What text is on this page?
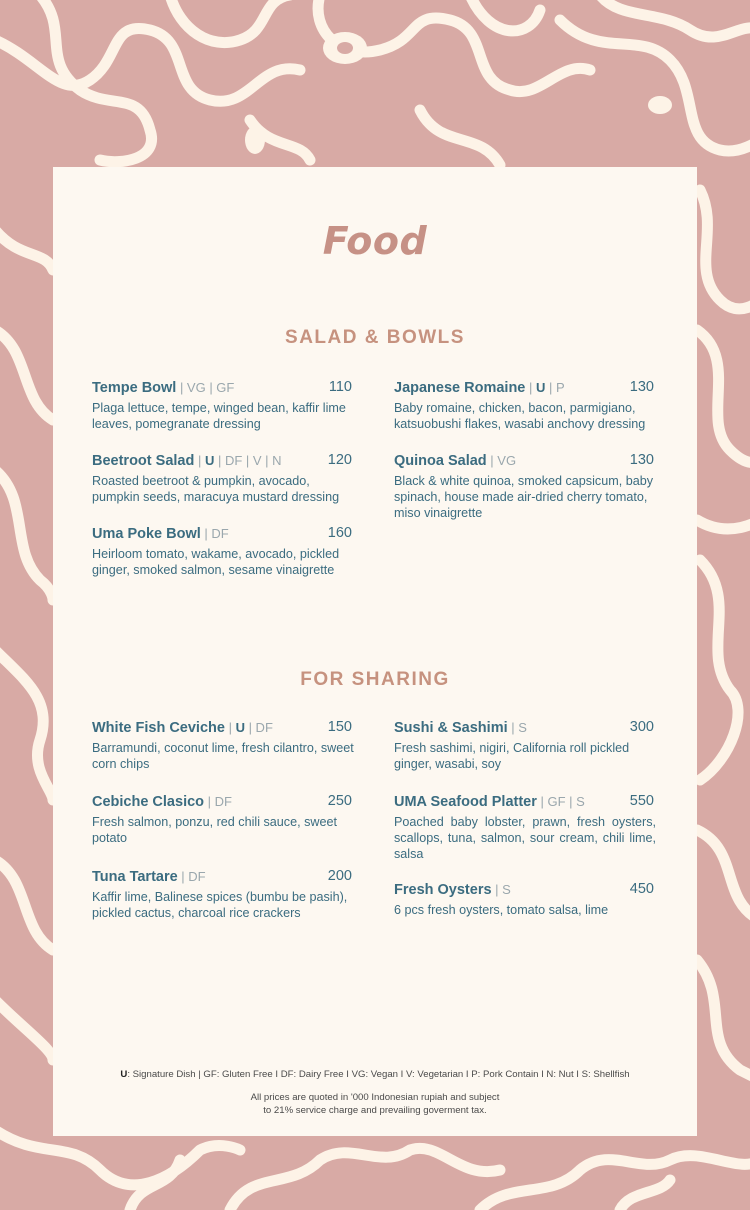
Food
SALAD & BOWLS
Tempe Bowl | VG | GF	110
Plaga lettuce, tempe, winged bean, kaffir lime leaves, pomegranate dressing
Japanese Romaine | U | P	130
Baby romaine, chicken, bacon, parmigiano, katsuobushi flakes, wasabi anchovy dressing
Beetroot Salad | U | DF | V | N	120
Roasted beetroot & pumpkin, avocado, pumpkin seeds, maracuya mustard dressing
Quinoa Salad | VG	130
Black & white quinoa, smoked capsicum, baby spinach, house made air-dried cherry tomato, miso vinaigrette
Uma Poke Bowl | DF	160
Heirloom tomato, wakame, avocado, pickled ginger, smoked salmon, sesame vinaigrette
FOR SHARING
White Fish Ceviche | U | DF	150
Barramundi, coconut lime, fresh cilantro, sweet corn chips
Sushi & Sashimi | S	300
Fresh sashimi, nigiri, California roll pickled ginger, wasabi, soy
Cebiche Clasico | DF	250
Fresh salmon, ponzu, red chili sauce, sweet potato
UMA Seafood Platter | GF | S	550
Poached baby lobster, prawn, fresh oysters, scallops, tuna, salmon, sour cream, chili lime, salsa
Tuna Tartare | DF	200
Kaffir lime, Balinese spices (bumbu be pasih), pickled cactus, charcoal rice crackers
Fresh Oysters | S	450
6 pcs fresh oysters, tomato salsa, lime
U: Signature Dish | GF: Gluten Free I DF: Dairy Free I VG: Vegan I V: Vegetarian I P: Pork Contain I N: Nut I S: Shellfish
All prices are quoted in '000 Indonesian rupiah and subject
to 21% service charge and prevailing goverment tax.
